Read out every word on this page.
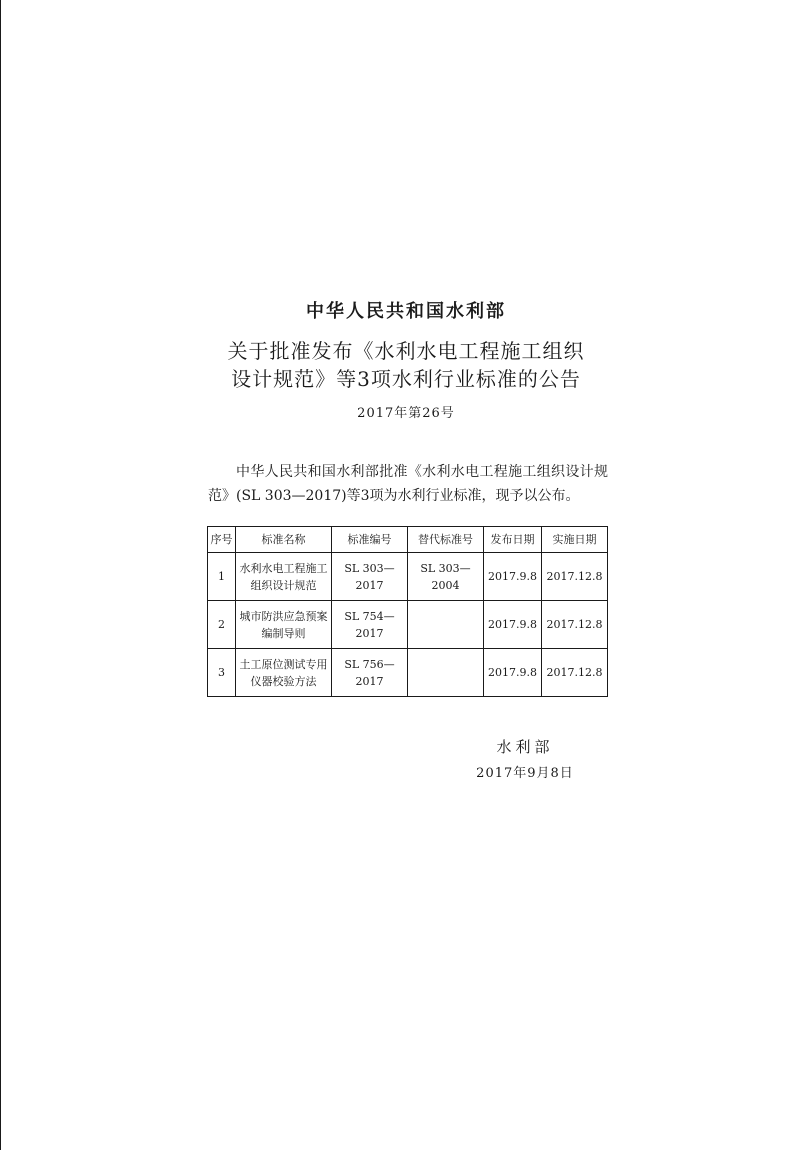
中华人民共和国水利部
关于批准发布《水利水电工程施工组织
设计规范》等3项水利行业标准的公告
2017年第26号

中华人民共和国水利部批准《水利水电工程施工组织设计规范》(SL 303—2017)等3项为水利行业标准，现予以公布。

序号	标准名称	标准编号	替代标准号	发布日期	实施日期
1	水利水电工程施工组织设计规范	SL 303—2017	SL 303—2004	2017.9.8	2017.12.8
2	城市防洪应急预案编制导则	SL 754—2017		2017.9.8	2017.12.8
3	土工原位测试专用仪器校验方法	SL 756—2017		2017.9.8	2017.12.8
水利部
2017年9月8日
